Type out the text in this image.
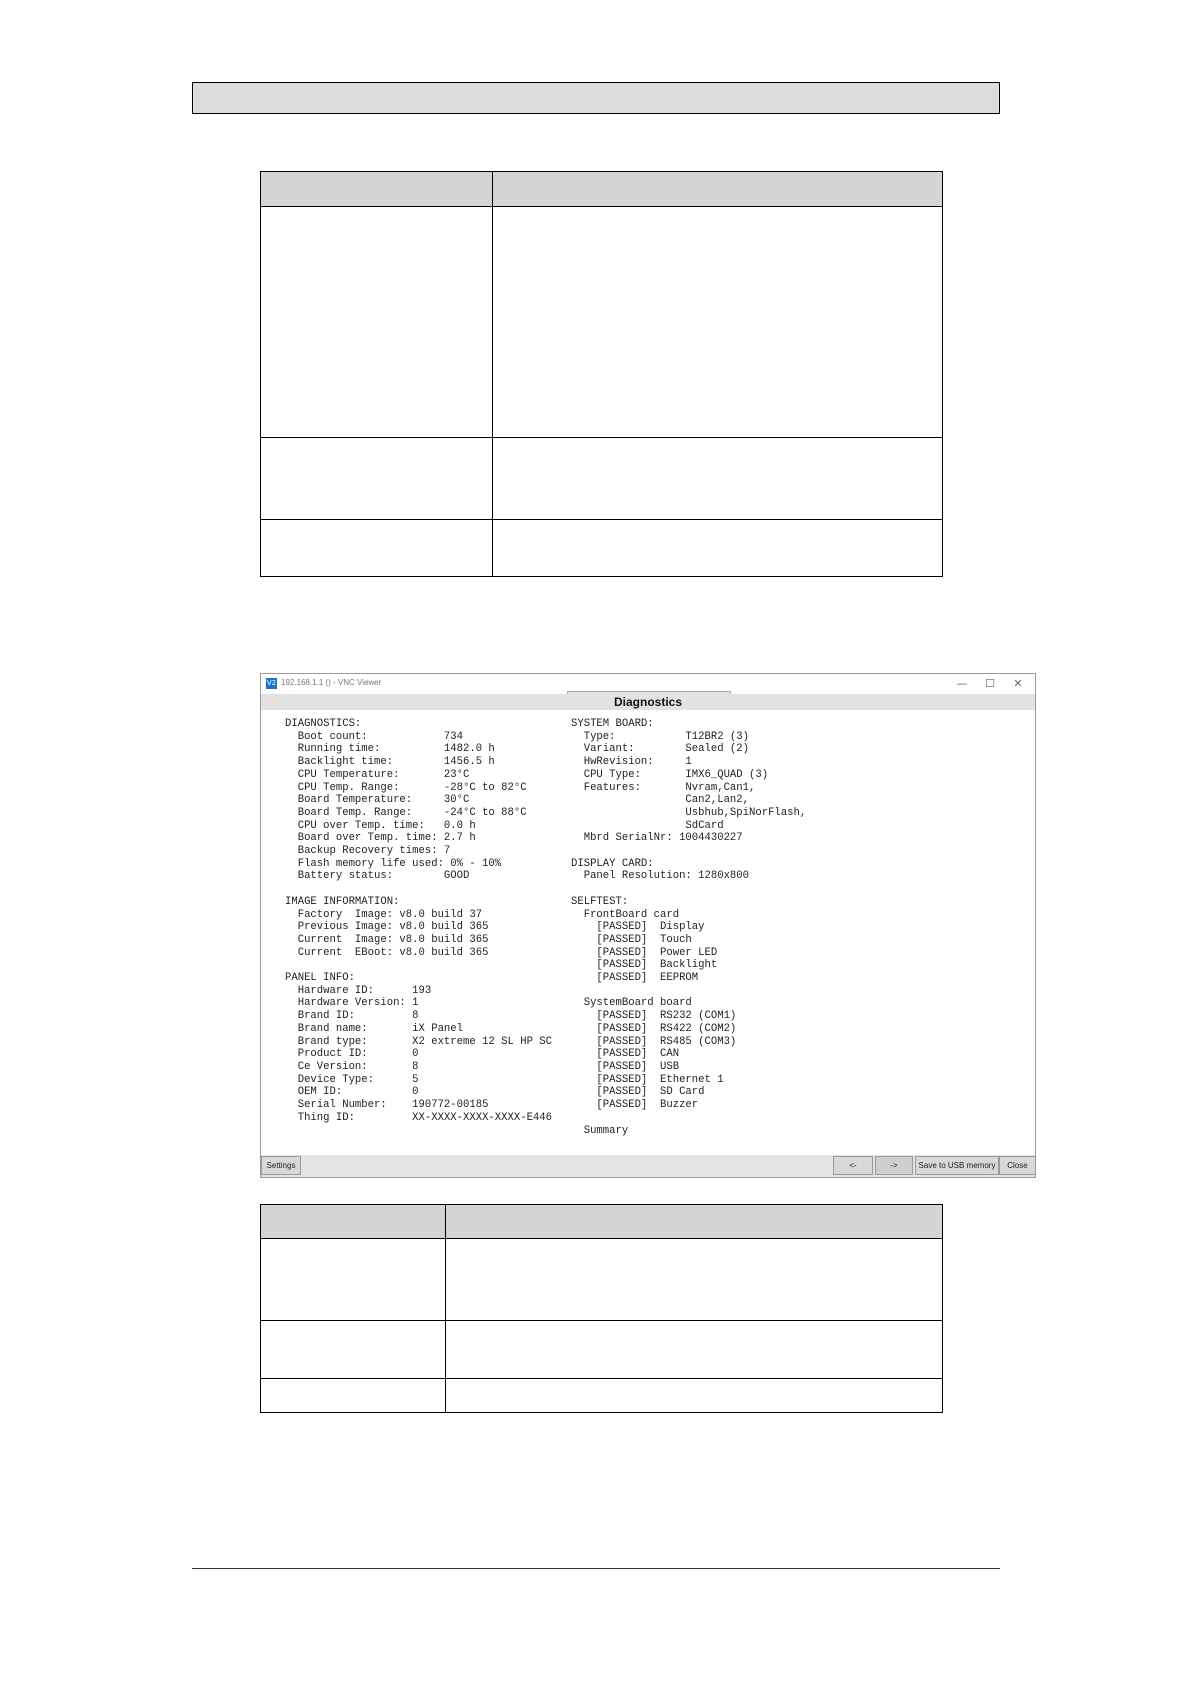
V2 192.168.1.1 () - VNC Viewer	—	☐	✕
Diagnostics
DIAGNOSTICS:
Boot count:            734
Running time:          1482.0 h
Backlight time:        1456.5 h
CPU Temperature:       23°C
CPU Temp. Range:       -28°C to 82°C
Board Temperature:     30°C
Board Temp. Range:     -24°C to 88°C
CPU over Temp. time:   0.0 h
Board over Temp. time: 2.7 h
Backup Recovery times: 7
Flash memory life used: 0% - 10%
Battery status:        GOOD

IMAGE INFORMATION:
Factory  Image: v8.0 build 37
Previous Image: v8.0 build 365
Current  Image: v8.0 build 365
Current  EBoot: v8.0 build 365

PANEL INFO:
Hardware ID:      193
Hardware Version: 1
Brand ID:         8
Brand name:       iX Panel
Brand type:       X2 extreme 12 SL HP SC
Product ID:       0
Ce Version:       8
Device Type:      5
OEM ID:           0
Serial Number:    190772-00185
Thing ID:         XX-XXXX-XXXX-XXXX-E446
SYSTEM BOARD:
Type:           T12BR2 (3)
Variant:        Sealed (2)
HwRevision:     1
CPU Type:       IMX6_QUAD (3)
Features:       Nvram,Can1,
Can2,Lan2,
Usbhub,SpiNorFlash,
SdCard
Mbrd SerialNr: 1004430227

DISPLAY CARD:
Panel Resolution: 1280x800

SELFTEST:
FrontBoard card
[PASSED]  Display
[PASSED]  Touch
[PASSED]  Power LED
[PASSED]  Backlight
[PASSED]  EEPROM

SystemBoard board
[PASSED]  RS232 (COM1)
[PASSED]  RS422 (COM2)
[PASSED]  RS485 (COM3)
[PASSED]  CAN
[PASSED]  USB
[PASSED]  Ethernet 1
[PASSED]  SD Card
[PASSED]  Buzzer

Summary
Settings	<-	->	Save to USB memory	Close
